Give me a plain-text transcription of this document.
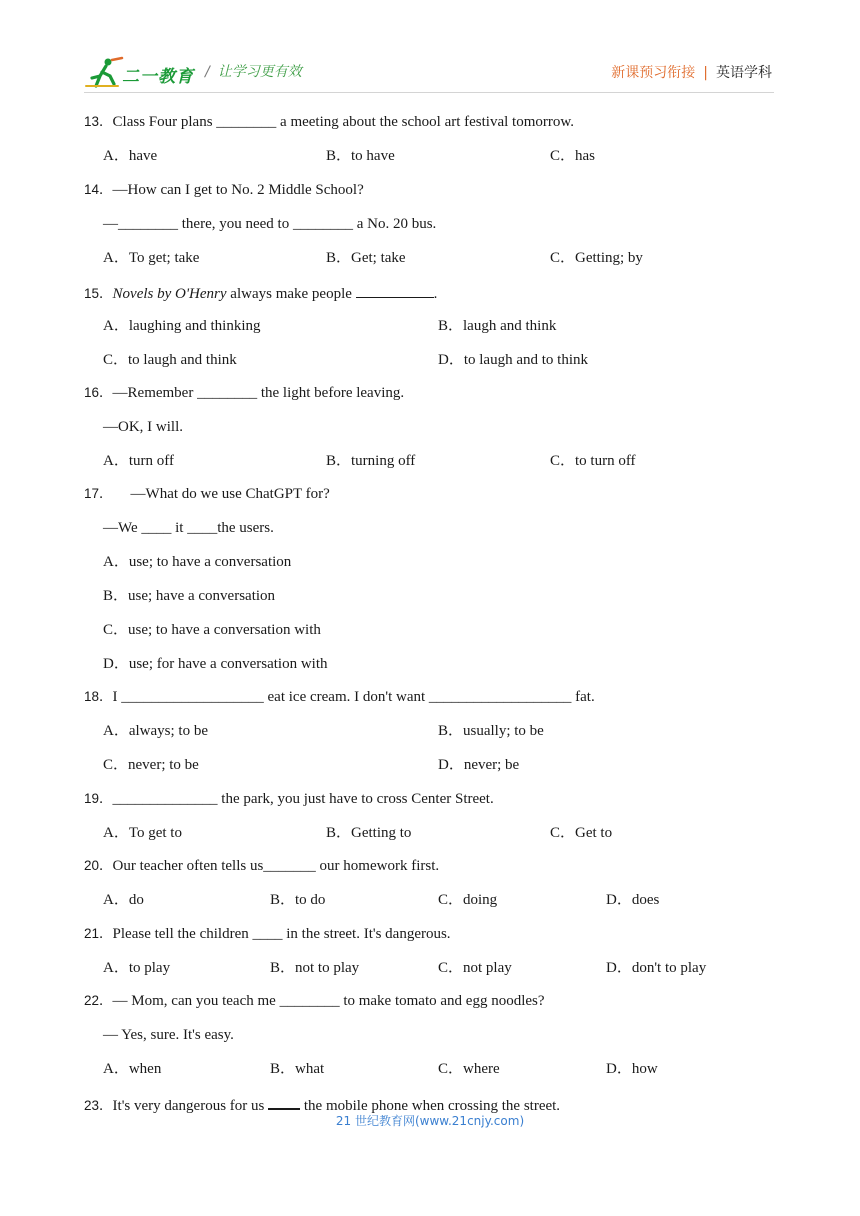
二一教育 / 让学习更有效	新课预习衔接 | 英语学科
13．Class Four plans ________ a meeting about the school art festival tomorrow.
A．have	B．to have	C．has
14．—How can I get to No. 2 Middle School?
—________ there, you need to ________ a No. 20 bus.
A．To get; take	B．Get; take	C．Getting; by
15．Novels by O'Henry always make people	.
A．laughing and thinking	B．laugh and think
C．to laugh and think	D．to laugh and to think
16．—Remember ________ the light before leaving.
—OK, I will.
A．turn off	B．turning off	C．to turn off
17． —What do we use ChatGPT for?
—We ____ it ____the users.
A．use; to have a conversation
B．use; have a conversation
C．use; to have a conversation with
D．use; for have a conversation with
18．I ___________________ eat ice cream. I don't want ___________________ fat.
A．always; to be	B．usually; to be
C．never; to be	D．never; be
19．______________ the park, you just have to cross Center Street.
A．To get to	B．Getting to	C．Get to
20．Our teacher often tells us_______ our homework first.
A．do	B．to do	C．doing	D．does
21．Please tell the children ____ in the street. It's dangerous.
A．to play	B．not to play	C．not play	D．don't to play
22．— Mom, can you teach me ________ to make tomato and egg noodles?
— Yes, sure. It's easy.
A．when	B．what	C．where	D．how
23．It's very dangerous for us  the mobile phone when crossing the street.
21 世纪教育网(www.21cnjy.com)
